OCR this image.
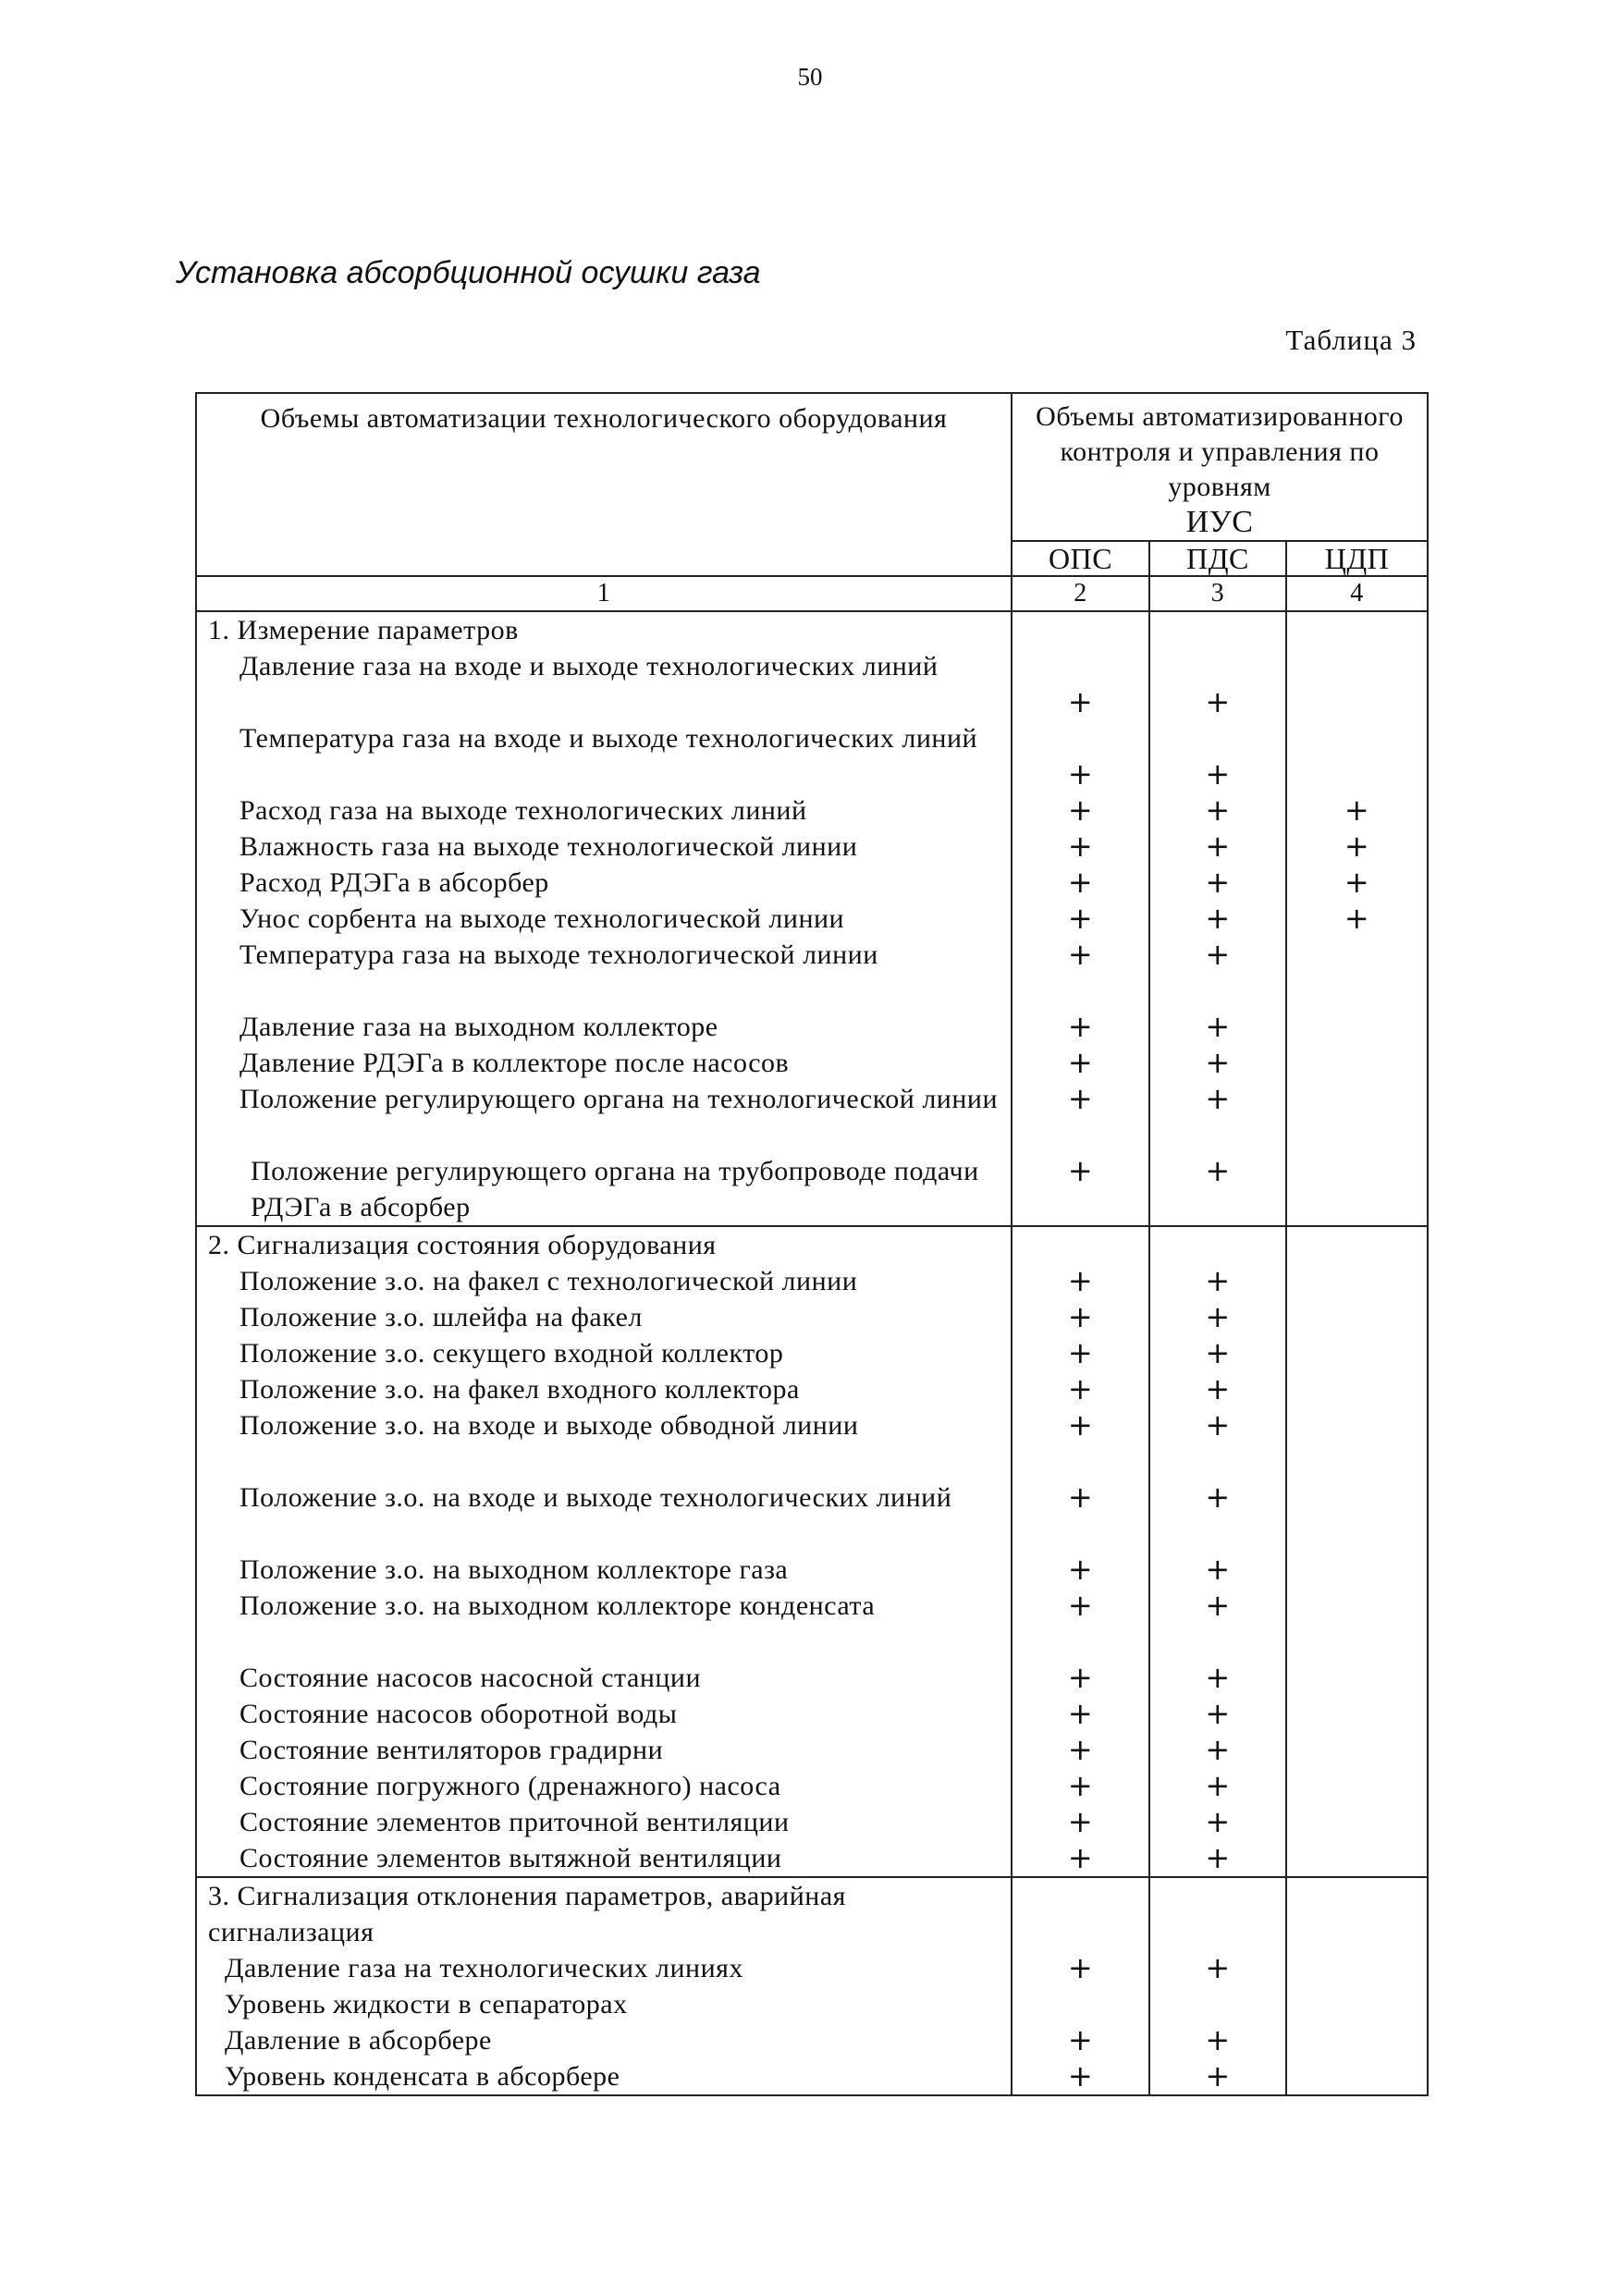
50
Установка абсорбционной осушки газа
Таблица 3
Объемы автоматизации технологического оборудования	Объемы автоматизированного контроля и управления по уровням
ИУС		

	ОПС	ПДС	ЦДП
1	2	3	4
1. Измерение параметров			
Давление газа на входе и выходе технологических линий	+	+	
Температура газа на входе и выходе технологических линий	+	+	
Расход газа на выходе технологических линий	+	+	+
Влажность газа на выходе технологической линии	+	+	+
Расход РДЭГа в абсорбер	+	+	+
Унос сорбента на выходе технологической линии	+	+	+
Температура газа на выходе технологической линии	+	+	
Давление газа на выходном коллекторе	+	+	
Давление РДЭГа в коллекторе после насосов	+	+	
Положение регулирующего органа на технологической линии	+	+	
Положение регулирующего органа на трубопроводе подачи РДЭГа в абсорбер	+	+	
2. Сигнализация состояния оборудования			
Положение з.о. на факел с технологической линии	+	+	
Положение з.о. шлейфа на факел	+	+	
Положение з.о. секущего входной коллектор	+	+	
Положение з.о. на факел входного коллектора	+	+	
Положение з.о. на входе и выходе обводной линии	+	+	
Положение з.о. на входе и выходе технологических линий	+	+	
Положение з.о. на выходном коллекторе газа	+	+	
Положение з.о. на выходном коллекторе конденсата	+	+	
Состояние насосов насосной станции	+	+	
Состояние насосов оборотной воды	+	+	
Состояние вентиляторов градирни	+	+	
Состояние погружного (дренажного) насоса	+	+	
Состояние элементов приточной вентиляции	+	+	
Состояние элементов вытяжной вентиляции	+	+	
3. Сигнализация отклонения параметров, аварийная сигнализация			
Давление газа на технологических линиях	+	+	
Уровень жидкости в сепараторах			
Давление в абсорбере	+	+	
Уровень конденсата в абсорбере	+	+	
